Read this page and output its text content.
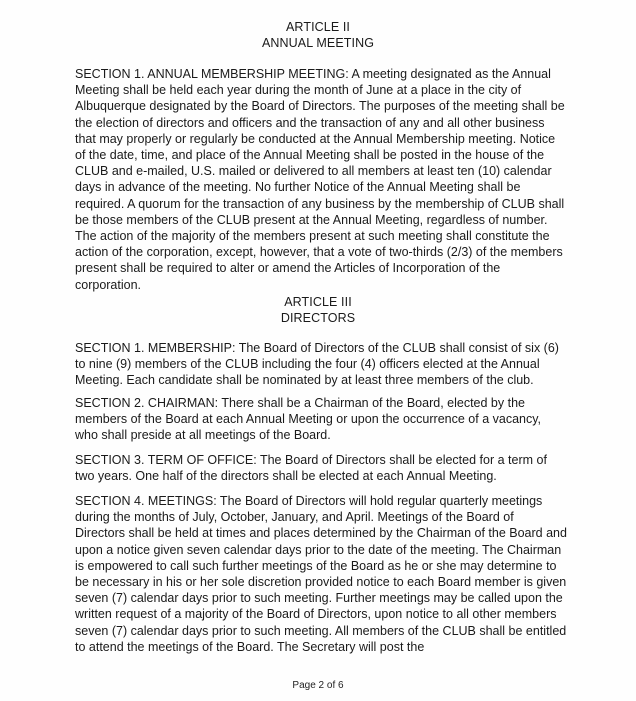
ARTICLE II
ANNUAL MEETING

SECTION 1. ANNUAL MEMBERSHIP MEETING: A meeting designated as the Annual Meeting shall be held each year during the month of June at a place in the city of Albuquerque designated by the Board of Directors. The purposes of the meeting shall be the election of directors and officers and the transaction of any and all other business that may properly or regularly be conducted at the Annual Membership meeting. Notice of the date, time, and place of the Annual Meeting shall be posted in the house of the CLUB and e-mailed, U.S. mailed or delivered to all members at least ten (10) calendar days in advance of the meeting. No further Notice of the Annual Meeting shall be required. A quorum for the transaction of any business by the membership of CLUB shall be those members of the CLUB present at the Annual Meeting, regardless of number. The action of the majority of the members present at such meeting shall constitute the action of the corporation, except, however, that a vote of two-thirds (2/3) of the members present shall be required to alter or amend the Articles of Incorporation of the corporation.

ARTICLE III
DIRECTORS

SECTION 1. MEMBERSHIP: The Board of Directors of the CLUB shall consist of six (6) to nine (9) members of the CLUB including the four (4) officers elected at the Annual Meeting. Each candidate shall be nominated by at least three members of the club.

SECTION 2. CHAIRMAN: There shall be a Chairman of the Board, elected by the members of the Board at each Annual Meeting or upon the occurrence of a vacancy, who shall preside at all meetings of the Board.

SECTION 3. TERM OF OFFICE: The Board of Directors shall be elected for a term of two years. One half of the directors shall be elected at each Annual Meeting.

SECTION 4. MEETINGS: The Board of Directors will hold regular quarterly meetings during the months of July, October, January, and April. Meetings of the Board of Directors shall be held at times and places determined by the Chairman of the Board and upon a notice given seven calendar days prior to the date of the meeting. The Chairman is empowered to call such further meetings of the Board as he or she may determine to be necessary in his or her sole discretion provided notice to each Board member is given seven (7) calendar days prior to such meeting. Further meetings may be called upon the written request of a majority of the Board of Directors, upon notice to all other members seven (7) calendar days prior to such meeting. All members of the CLUB shall be entitled to attend the meetings of the Board. The Secretary will post the

Page 2 of 6
